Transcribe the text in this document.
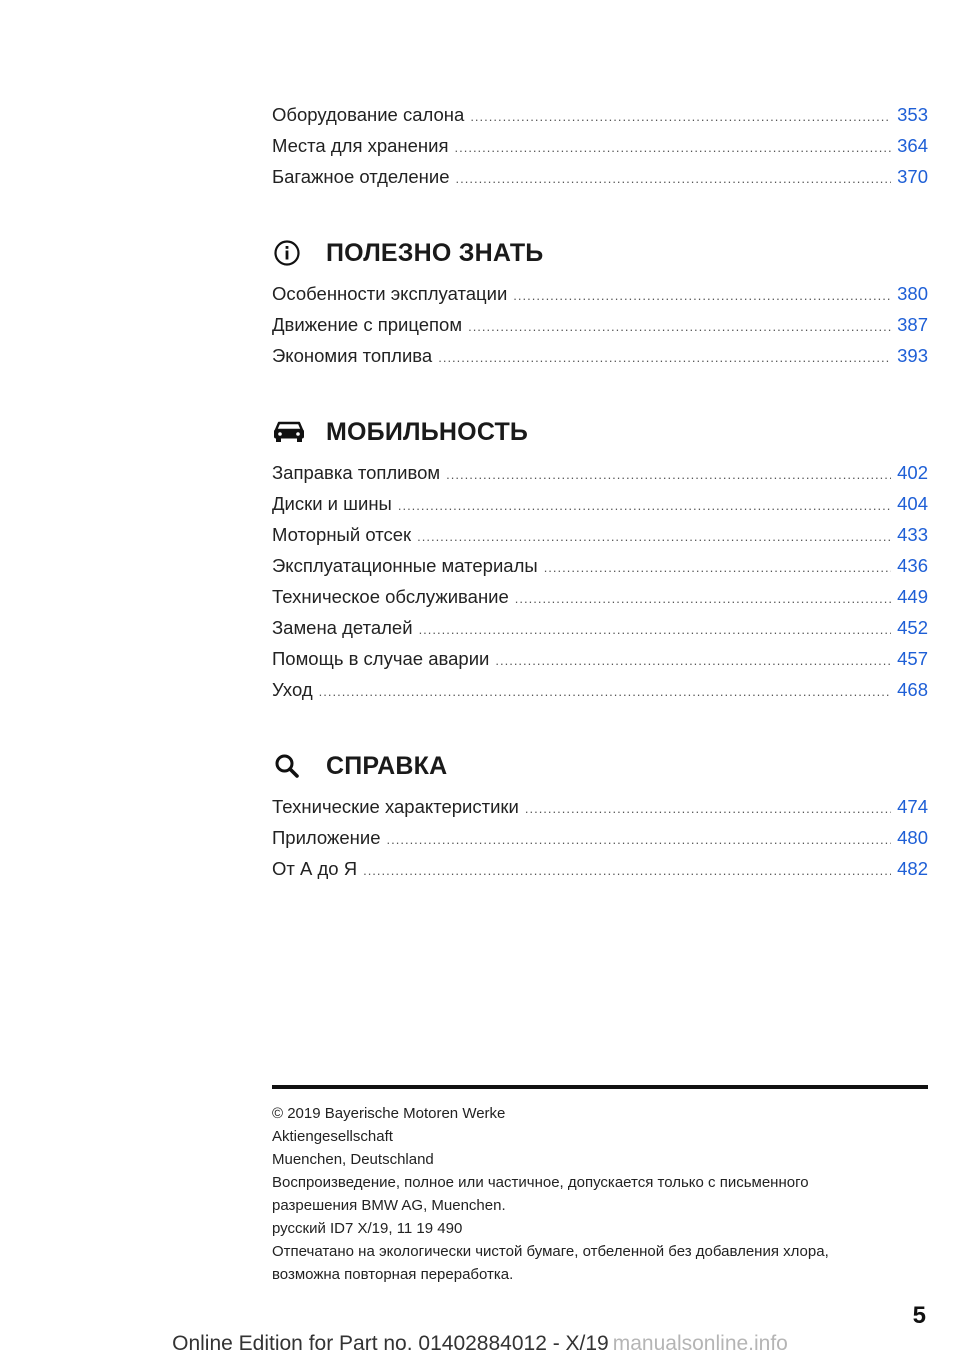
Оборудование салона .....	353
Места для хранения .....	364
Багажное отделение .....	370
ПОЛЕЗНО ЗНАТЬ
Особенности эксплуатации .....	380
Движение с прицепом .....	387
Экономия топлива .....	393
МОБИЛЬНОСТЬ
Заправка топливом .....	402
Диски и шины .....	404
Моторный отсек .....	433
Эксплуатационные материалы .....	436
Техническое обслуживание .....	449
Замена деталей .....	452
Помощь в случае аварии .....	457
Уход .....	468
СПРАВКА
Технические характеристики .....	474
Приложение .....	480
От А до Я .....	482
© 2019 Bayerische Motoren Werke
Aktiengesellschaft
Muenchen, Deutschland
Воспроизведение, полное или частичное, допускается только с письменного
разрешения BMW AG, Muenchen.
русский ID7 X/19, 11 19 490
Отпечатано на экологически чистой бумаге, отбеленной без добавления хлора,
возможна повторная переработка.
5
Online Edition for Part no. 01402884012 - X/19 manualsonline.info
